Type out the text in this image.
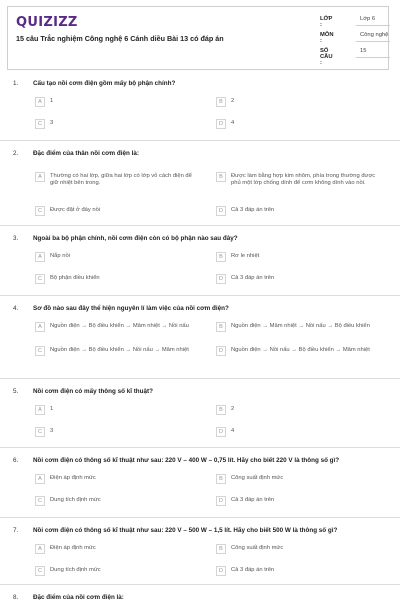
QUIZIZZ
15 câu Trắc nghiệm Công nghệ 6 Cánh diều Bài 13 có đáp án
LỚP :
Lớp 6
MÔN :
Công nghệ
SỐ CÂU :
15
1. Cấu tạo nồi cơm điện gồm mấy bộ phận chính?
A	1	B	2
C	3	D	4
2. Đặc điểm của thân nồi cơm điện là:
A	Thường có hai lớp, giữa hai lớp có lớp vỏ cách điện để giữ nhiệt bên trong.
B	Được làm bằng hợp kim nhôm, phía trong thường được phủ một lớp chống dính để cơm không dính vào nồi.
C	Được đặt ở đáy nồi	D	Cả 3 đáp án trên
3. Ngoài ba bộ phận chính, nồi cơm điện còn có bộ phận nào sau đây?
A	Nắp nồi	B	Rơ le nhiệt
C	Bộ phận điều khiển	D	Cả 3 đáp án trên
4. Sơ đồ nào sau đây thể hiện nguyên lí làm việc của nồi cơm điện?
A	Nguồn điện → Bộ điều khiển → Mâm nhiệt → Nồi nấu	B	Nguồn điện → Mâm nhiệt → Nồi nấu → Bộ điều khiển
C	Nguồn điện → Bộ điều khiển → Nồi nấu → Mâm nhiệt	D	Nguồn điện → Nồi nấu → Bộ điều khiển → Mâm nhiệt
5. Nồi cơm điện có mấy thông số kĩ thuật?
A	1	B	2
C	3	D	4
6. Nồi cơm điện có thông số kĩ thuật như sau: 220 V – 400 W – 0,75 lít. Hãy cho biết 220 V là thông số gì?
A	Điện áp định mức	B	Công suất định mức
C	Dung tích định mức	D	Cả 3 đáp án trên
7. Nồi cơm điện có thông số kĩ thuật như sau: 220 V – 500 W – 1,5 lít. Hãy cho biết 500 W là thông số gì?
A	Điện áp định mức	B	Công suất định mức
C	Dung tích định mức	D	Cả 3 đáp án trên
8. Đặc điểm của nồi cơm điện là:
